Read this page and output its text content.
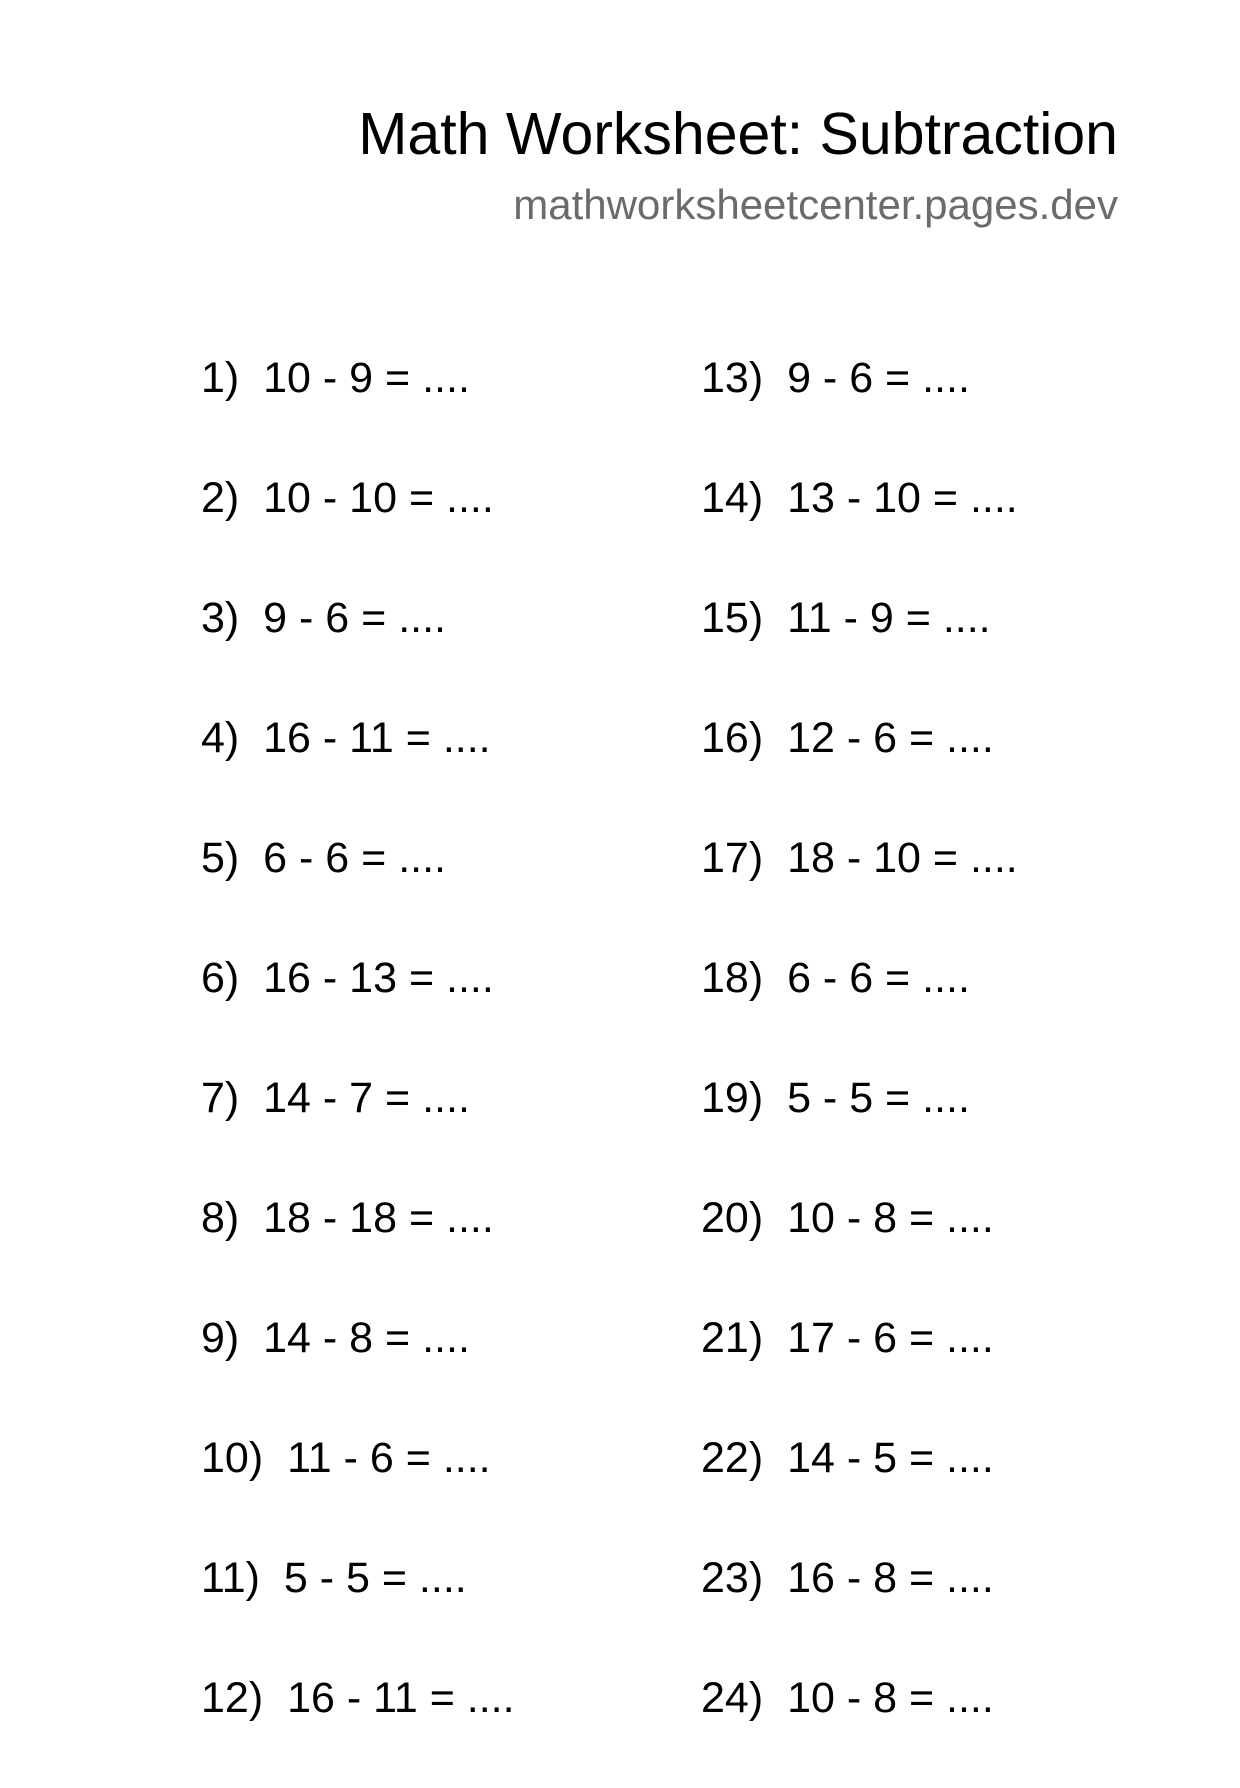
Math Worksheet: Subtraction
mathworksheetcenter.pages.dev
1) 10 - 9 = ....
2) 10 - 10 = ....
3) 9 - 6 = ....
4) 16 - 11 = ....
5) 6 - 6 = ....
6) 16 - 13 = ....
7) 14 - 7 = ....
8) 18 - 18 = ....
9) 14 - 8 = ....
10) 11 - 6 = ....
11) 5 - 5 = ....
12) 16 - 11 = ....
13) 9 - 6 = ....
14) 13 - 10 = ....
15) 11 - 9 = ....
16) 12 - 6 = ....
17) 18 - 10 = ....
18) 6 - 6 = ....
19) 5 - 5 = ....
20) 10 - 8 = ....
21) 17 - 6 = ....
22) 14 - 5 = ....
23) 16 - 8 = ....
24) 10 - 8 = ....
